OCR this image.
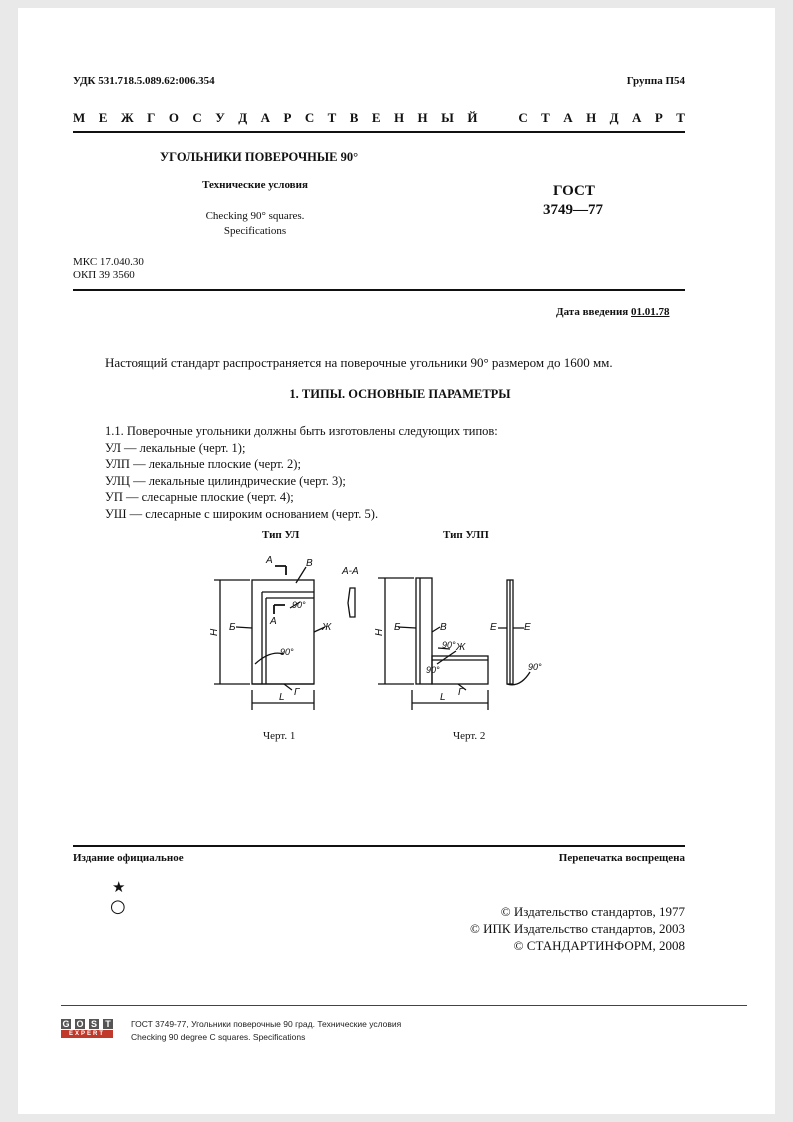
УДК 531.718.5.089.62:006.354	Группа П54
М Е Ж Г О С У Д А Р С Т В Е Н Н Ы Й	С Т А Н Д А Р Т
УГОЛЬНИКИ ПОВЕРОЧНЫЕ 90°
Технические условия
Checking 90° squares.
Specifications
ГОСТ
3749—77
МКС 17.040.30
ОКП 39 3560
Дата введения 01.01.78
Настоящий стандарт распространяется на поверочные угольники 90° размером до 1600 мм.
1. ТИПЫ. ОСНОВНЫЕ ПАРАМЕТРЫ
1.1. Поверочные угольники должны быть изготовлены следующих типов:
УЛ — лекальные (черт. 1);
УЛП — лекальные плоские (черт. 2);
УЛЦ — лекальные цилиндрические (черт. 3);
УП — слесарные плоские (черт. 4);
УШ — слесарные с широким основанием (черт. 5).
Тип УЛ	Тип УЛП
А	В
А-А
90°
Б
А
Ж
H
90°
Г
L
H Б	В	Е	Е
90° Ж
90°
Г
L
90°
Черт. 1	Черт. 2
Издание официальное	Перепечатка воспрещена
★
○	© Издательство стандартов, 1977
© ИПК Издательство стандартов, 2003
© СТАНДАРТИНФОРМ, 2008
G O S T
EXPERT
ГОСТ 3749-77, Угольники поверочные 90 град. Технические условия
Checking 90 degree C squares. Specifications
